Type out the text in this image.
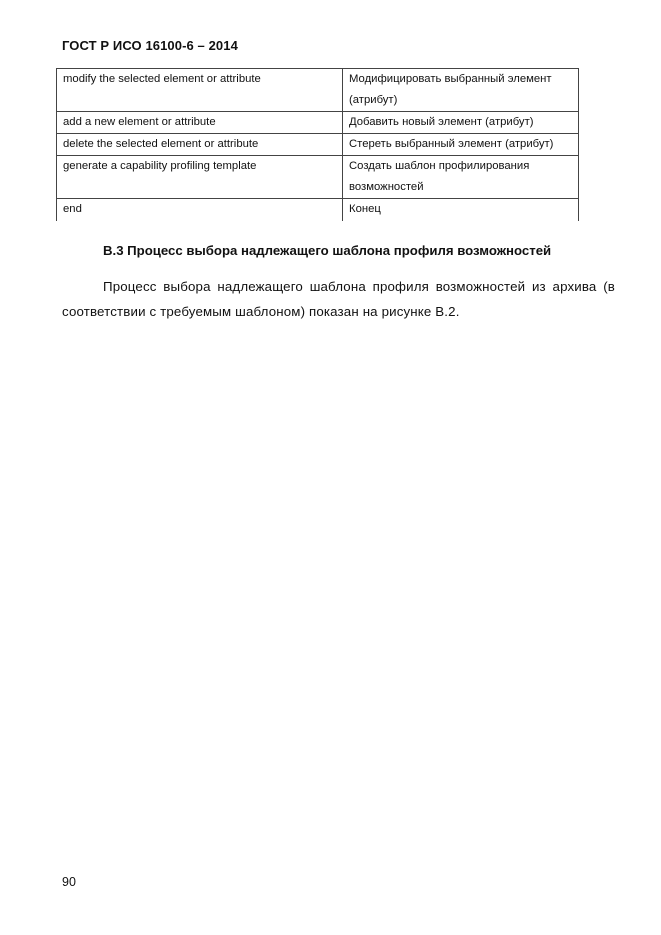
ГОСТ Р ИСО 16100-6 – 2014
modify the selected element or attribute	Модифицировать выбранный элемент (атрибут)
add a new element or attribute	Добавить новый элемент (атрибут)
delete the selected element or attribute	Стереть выбранный элемент (атрибут)
generate a capability profiling template	Создать шаблон профилирования возможностей
end	Конец
B.3 Процесс выбора надлежащего шаблона профиля возможностей
Процесс выбора надлежащего шаблона профиля возможностей из архива (в соответствии с требуемым шаблоном) показан на рисунке B.2.
90
